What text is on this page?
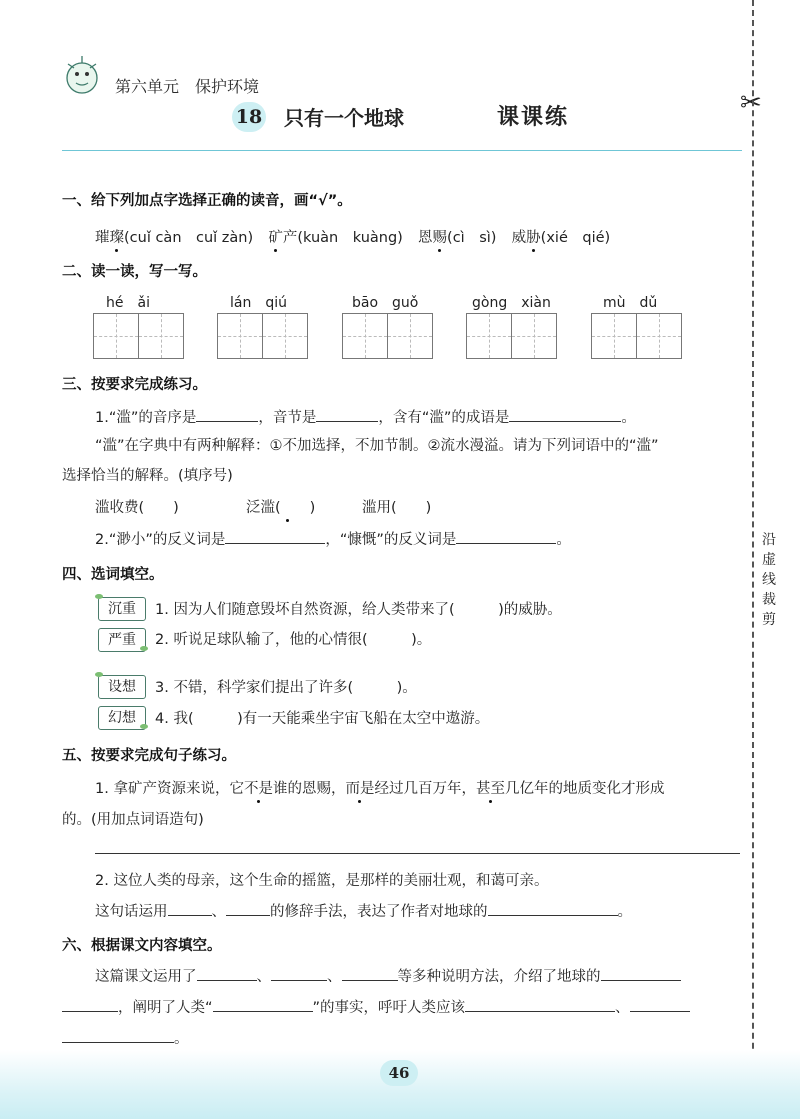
第六单元　保护环境
18 只有一个地球	课课练	✂
沿
虚
线
裁
剪
一、给下列加点字选择正确的读音，画“√”。
璀璨(cuǐ càn　cuǐ zàn) 矿产(kuàn　kuàng) 恩赐(cì　sì) 威胁(xié　qié)
二、读一读，写一写。
hé　ǎi	lán　qiú	bāo　guǒ	gòng　xiàn	mù　dǔ
三、按要求完成练习。
1.“滥”的音序是	，音节是	，含有“滥”的成语是	。
“滥”在字典中有两种解释：①不加选择，不加节制。②流水漫溢。请为下列词语中的“滥”
选择恰当的解释。(填序号)
滥收费(　　)	泛滥(　　)	滥用(　　)
2.“渺小”的反义词是	，“慷慨”的反义词是	。
四、选词填空。
沉重
严重
设想
幻想
1. 因为人们随意毁坏自然资源，给人类带来了(　　　)的威胁。
2. 听说足球队输了，他的心情很(　　　)。
3. 不错，科学家们提出了许多(　　　)。
4. 我(　　　)有一天能乘坐宇宙飞船在太空中遨游。
五、按要求完成句子练习。
1. 拿矿产资源来说，它不是谁的恩赐，而是经过几百万年，甚至几亿年的地质变化才形成
的。(用加点词语造句)
2. 这位人类的母亲，这个生命的摇篮，是那样的美丽壮观，和蔼可亲。
这句话运用	、	的修辞手法，表达了作者对地球的	。
六、根据课文内容填空。
这篇课文运用了	、	、	等多种说明方法，介绍了地球的
，阐明了人类“	”的事实，呼吁人类应该	、
。
46
